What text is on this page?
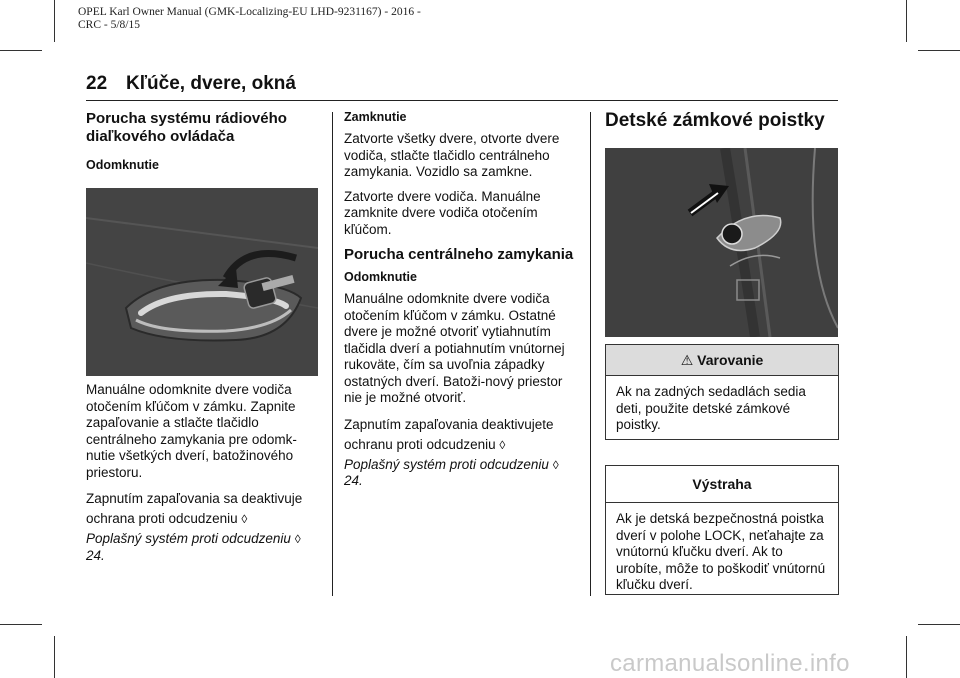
OPEL Karl Owner Manual (GMK-Localizing-EU LHD-9231167) - 2016 -
CRC - 5/8/15
22 Kľúče, dvere, okná
Porucha systému rádiového diaľkového ovládača
Odomknutie

Manuálne odomknite dvere vodiča otočením kľúčom v zámku. Zapnite zapaľovanie a stlačte tlačidlo centrálneho zamykania pre odomk-nutie všetkých dverí, batožinového priestoru.

Zapnutím zapaľovania sa deaktivuje ochrana proti odcudzeniu ◊

Poplašný systém proti odcudzeniu ◊ 24.

Zamknutie

Zatvorte všetky dvere, otvorte dvere vodiča, stlačte tlačidlo centrálneho zamykania. Vozidlo sa zamkne.

Zatvorte dvere vodiča. Manuálne zamknite dvere vodiča otočením kľúčom.

Porucha centrálneho zamykania
Odomknutie

Manuálne odomknite dvere vodiča otočením kľúčom v zámku. Ostatné dvere je možné otvoriť vytiahnutím tlačidla dverí a potiahnutím vnútornej rukoväte, čím sa uvoľnia západky ostatných dverí. Batoži-nový priestor nie je možné otvoriť.

Zapnutím zapaľovania deaktivujete ochranu proti odcudzeniu ◊

Poplašný systém proti odcudzeniu ◊ 24.

Detské zámkové poistky
⚠ Varovanie
Ak na zadných sedadlách sedia deti, použite detské zámkové poistky.
Výstraha
Ak je detská bezpečnostná poistka dverí v polohe LOCK, neťahajte za vnútornú kľučku dverí. Ak to urobíte, môže to poškodiť vnútornú kľučku dverí.
carmanualsonline.info
